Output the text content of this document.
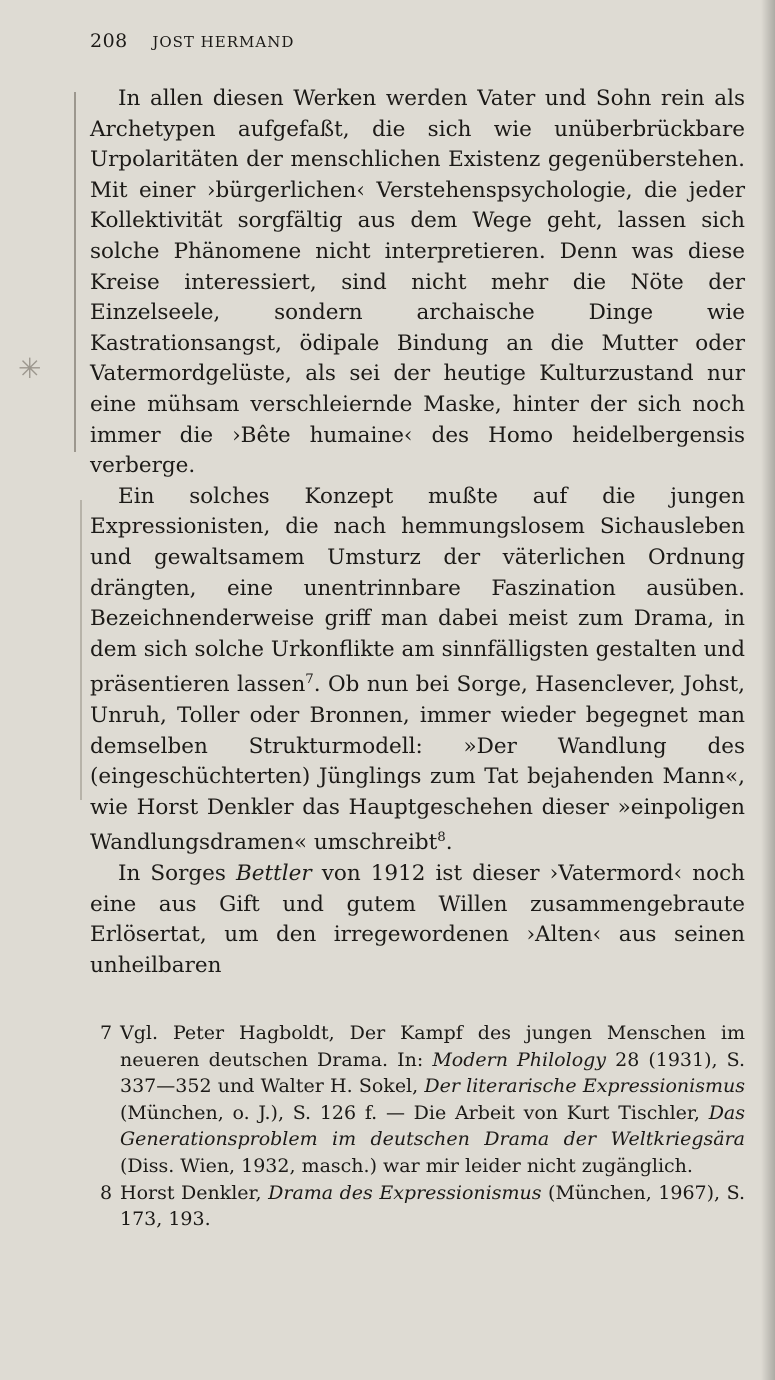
✳
208 JOST HERMAND

In allen diesen Werken werden Vater und Sohn rein als Archetypen aufgefaßt, die sich wie unüberbrückbare Urpolaritäten der menschlichen Existenz gegenüberstehen. Mit einer ›bürgerlichen‹ Verstehenspsychologie, die jeder Kollektivität sorgfältig aus dem Wege geht, lassen sich solche Phänomene nicht interpretieren. Denn was diese Kreise interessiert, sind nicht mehr die Nöte der Einzelseele, sondern archaische Dinge wie Kastrationsangst, ödipale Bindung an die Mutter oder Vatermordgelüste, als sei der heutige Kulturzustand nur eine mühsam verschleiernde Maske, hinter der sich noch immer die ›Bête humaine‹ des Homo heidelbergensis verberge.

Ein solches Konzept mußte auf die jungen Expressionisten, die nach hemmungslosem Sichausleben und gewaltsamem Umsturz der väterlichen Ordnung drängten, eine unentrinnbare Faszination ausüben. Bezeichnenderweise griff man dabei meist zum Drama, in dem sich solche Urkonflikte am sinnfälligsten gestalten und präsentieren lassen$^7$. Ob nun bei Sorge, Hasenclever, Johst, Unruh, Toller oder Bronnen, immer wieder begegnet man demselben Strukturmodell: »Der Wandlung des (eingeschüchterten) Jünglings zum Tat bejahenden Mann«, wie Horst Denkler das Hauptgeschehen dieser »einpoligen Wandlungsdramen« umschreibt$^8$.

In Sorges Bettler von 1912 ist dieser ›Vatermord‹ noch eine aus Gift und gutem Willen zusammengebraute Erlösertat, um den irregewordenen ›Alten‹ aus seinen unheilbaren

7 Vgl. Peter Hagboldt, Der Kampf des jungen Menschen im neueren deutschen Drama. In: Modern Philology 28 (1931), S. 337—352 und Walter H. Sokel, Der literarische Expressionismus (München, o. J.), S. 126 f. — Die Arbeit von Kurt Tischler, Das Generationsproblem im deutschen Drama der Weltkriegsära (Diss. Wien, 1932, masch.) war mir leider nicht zugänglich.

8 Horst Denkler, Drama des Expressionismus (München, 1967), S. 173, 193.
